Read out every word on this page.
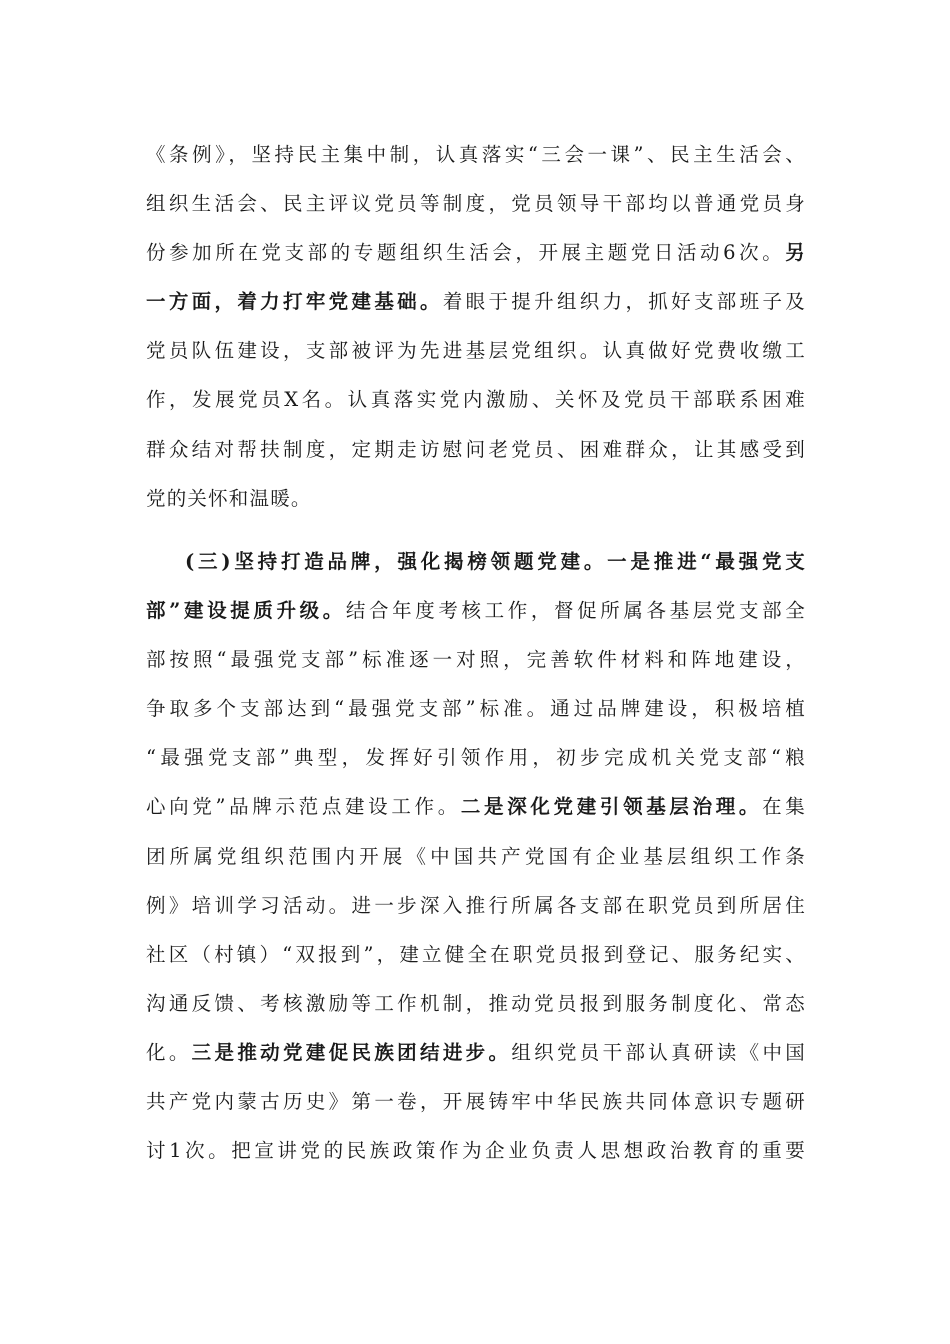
《条例》，坚持民主集中制，认真落实“三会一课”、民主生活会、
组织生活会、民主评议党员等制度，党员领导干部均以普通党员身
份参加所在党支部的专题组织生活会，开展主题党日活动6次。另
一方面，着力打牢党建基础。着眼于提升组织力，抓好支部班子及
党员队伍建设，支部被评为先进基层党组织。认真做好党费收缴工
作，发展党员X名。认真落实党内激励、关怀及党员干部联系困难
群众结对帮扶制度，定期走访慰问老党员、困难群众，让其感受到
党的关怀和温暖。
(三)坚持打造品牌，强化揭榜领题党建。一是推进“最强党支
部”建设提质升级。结合年度考核工作，督促所属各基层党支部全
部按照“最强党支部”标准逐一对照，完善软件材料和阵地建设，
争取多个支部达到“最强党支部”标准。通过品牌建设，积极培植
“最强党支部”典型，发挥好引领作用，初步完成机关党支部“粮
心向党”品牌示范点建设工作。二是深化党建引领基层治理。在集
团所属党组织范围内开展《中国共产党国有企业基层组织工作条
例》培训学习活动。进一步深入推行所属各支部在职党员到所居住
社区（村镇）“双报到”，建立健全在职党员报到登记、服务纪实、
沟通反馈、考核激励等工作机制，推动党员报到服务制度化、常态
化。三是推动党建促民族团结进步。组织党员干部认真研读《中国
共产党内蒙古历史》第一卷，开展铸牢中华民族共同体意识专题研
讨1次。把宣讲党的民族政策作为企业负责人思想政治教育的重要
